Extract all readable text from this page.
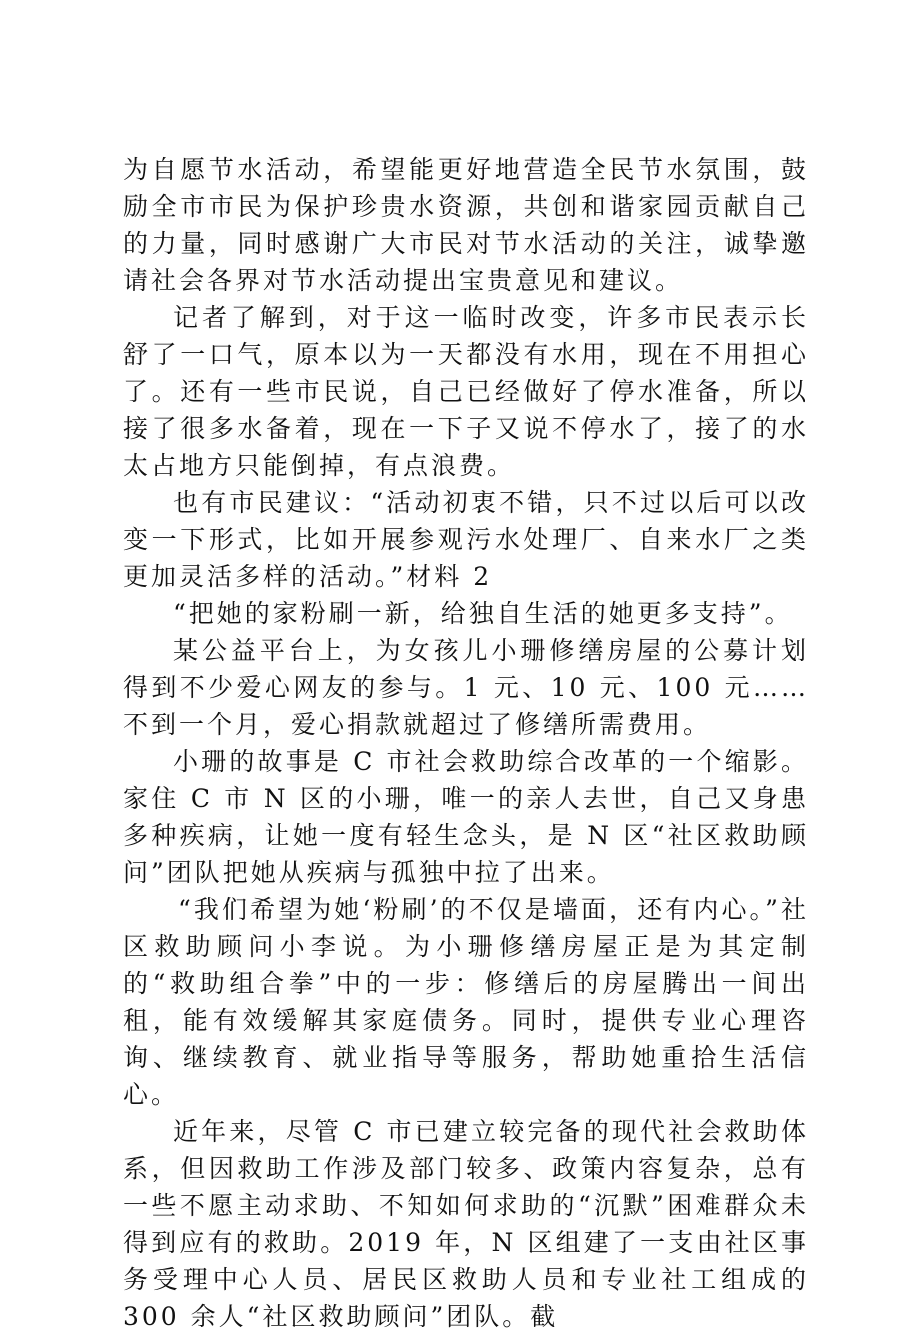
为自愿节水活动，希望能更好地营造全民节水氛围，鼓励全市市民为保护珍贵水资源，共创和谐家园贡献自己的力量，同时感谢广大市民对节水活动的关注，诚挚邀请社会各界对节水活动提出宝贵意见和建议。

记者了解到，对于这一临时改变，许多市民表示长舒了一口气，原本以为一天都没有水用，现在不用担心了。还有一些市民说，自己已经做好了停水准备，所以接了很多水备着，现在一下子又说不停水了，接了的水太占地方只能倒掉，有点浪费。

也有市民建议：“活动初衷不错，只不过以后可以改变一下形式，比如开展参观污水处理厂、自来水厂之类更加灵活多样的活动。”材料 2

“把她的家粉刷一新，给独自生活的她更多支持”。

某公益平台上，为女孩儿小珊修缮房屋的公募计划得到不少爱心网友的参与。1 元、10 元、100 元……不到一个月，爱心捐款就超过了修缮所需费用。

小珊的故事是 C 市社会救助综合改革的一个缩影。家住 C 市 N 区的小珊，唯一的亲人去世，自己又身患多种疾病，让她一度有轻生念头，是 N 区“社区救助顾问”团队把她从疾病与孤独中拉了出来。

“我们希望为她‘粉刷’的不仅是墙面，还有内心。”社区救助顾问小李说。为小珊修缮房屋正是为其定制的“救助组合拳”中的一步：修缮后的房屋腾出一间出租，能有效缓解其家庭债务。同时，提供专业心理咨询、继续教育、就业指导等服务，帮助她重拾生活信心。

近年来，尽管 C 市已建立较完备的现代社会救助体系，但因救助工作涉及部门较多、政策内容复杂，总有一些不愿主动求助、不知如何求助的“沉默”困难群众未得到应有的救助。2019 年，N 区组建了一支由社区事务受理中心人员、居民区救助人员和专业社工组成的 300 余人“社区救助顾问”团队。截
